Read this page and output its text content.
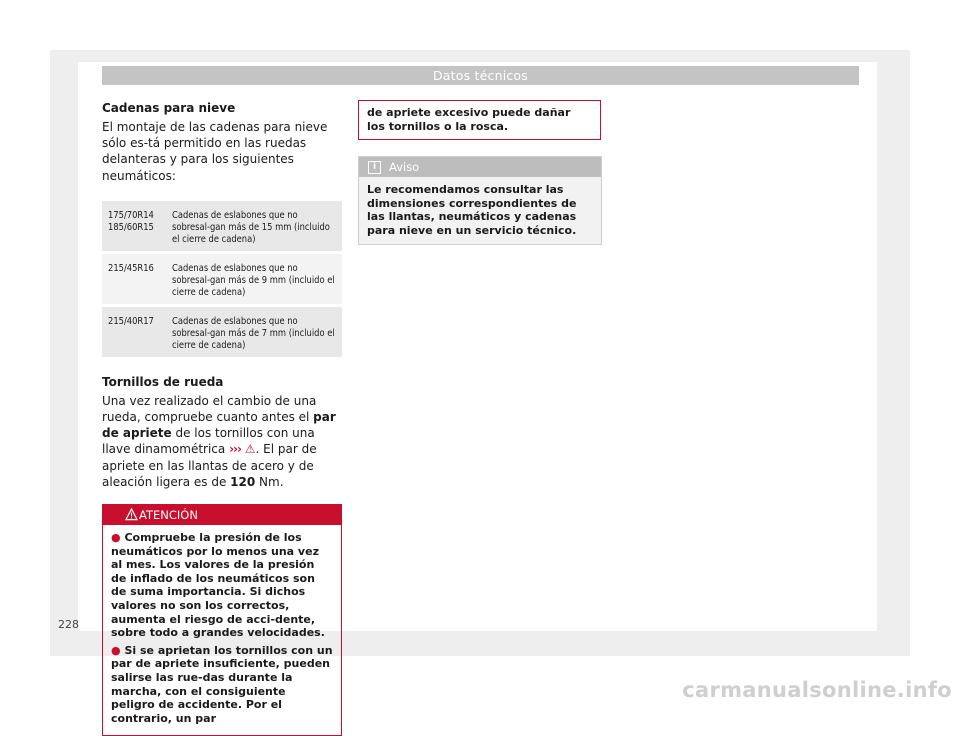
Datos técnicos

Cadenas para nieve

El montaje de las cadenas para nieve sólo es-tá permitido en las ruedas delanteras y para los siguientes neumáticos:

175/70R14
185/60R15	Cadenas de eslabones que no sobresal-gan más de 15 mm (incluido el cierre de cadena)
215/45R16	Cadenas de eslabones que no sobresal-gan más de 9 mm (incluido el cierre de cadena)
215/40R17	Cadenas de eslabones que no sobresal-gan más de 7 mm (incluido el cierre de cadena)

Tornillos de rueda

Una vez realizado el cambio de una rueda, compruebe cuanto antes el par de apriete de los tornillos con una llave dinamométrica ››› ⚠. El par de apriete en las llantas de acero y de aleación ligera es de 120 Nm.

ATENCIÓN

● Compruebe la presión de los neumáticos por lo menos una vez al mes. Los valores de la presión de inflado de los neumáticos son de suma importancia. Si dichos valores no son los correctos, aumenta el riesgo de acci-dente, sobre todo a grandes velocidades.

● Si se aprietan los tornillos con un par de apriete insuficiente, pueden salirse las rue-das durante la marcha, con el consiguiente peligro de accidente. Por el contrario, un par

de apriete excesivo puede dañar los tornillos o la rosca.

i	Aviso

Le recomendamos consultar las dimensiones correspondientes de las llantas, neumáticos y cadenas para nieve en un servicio técnico.

228
carmanualsonline.info
